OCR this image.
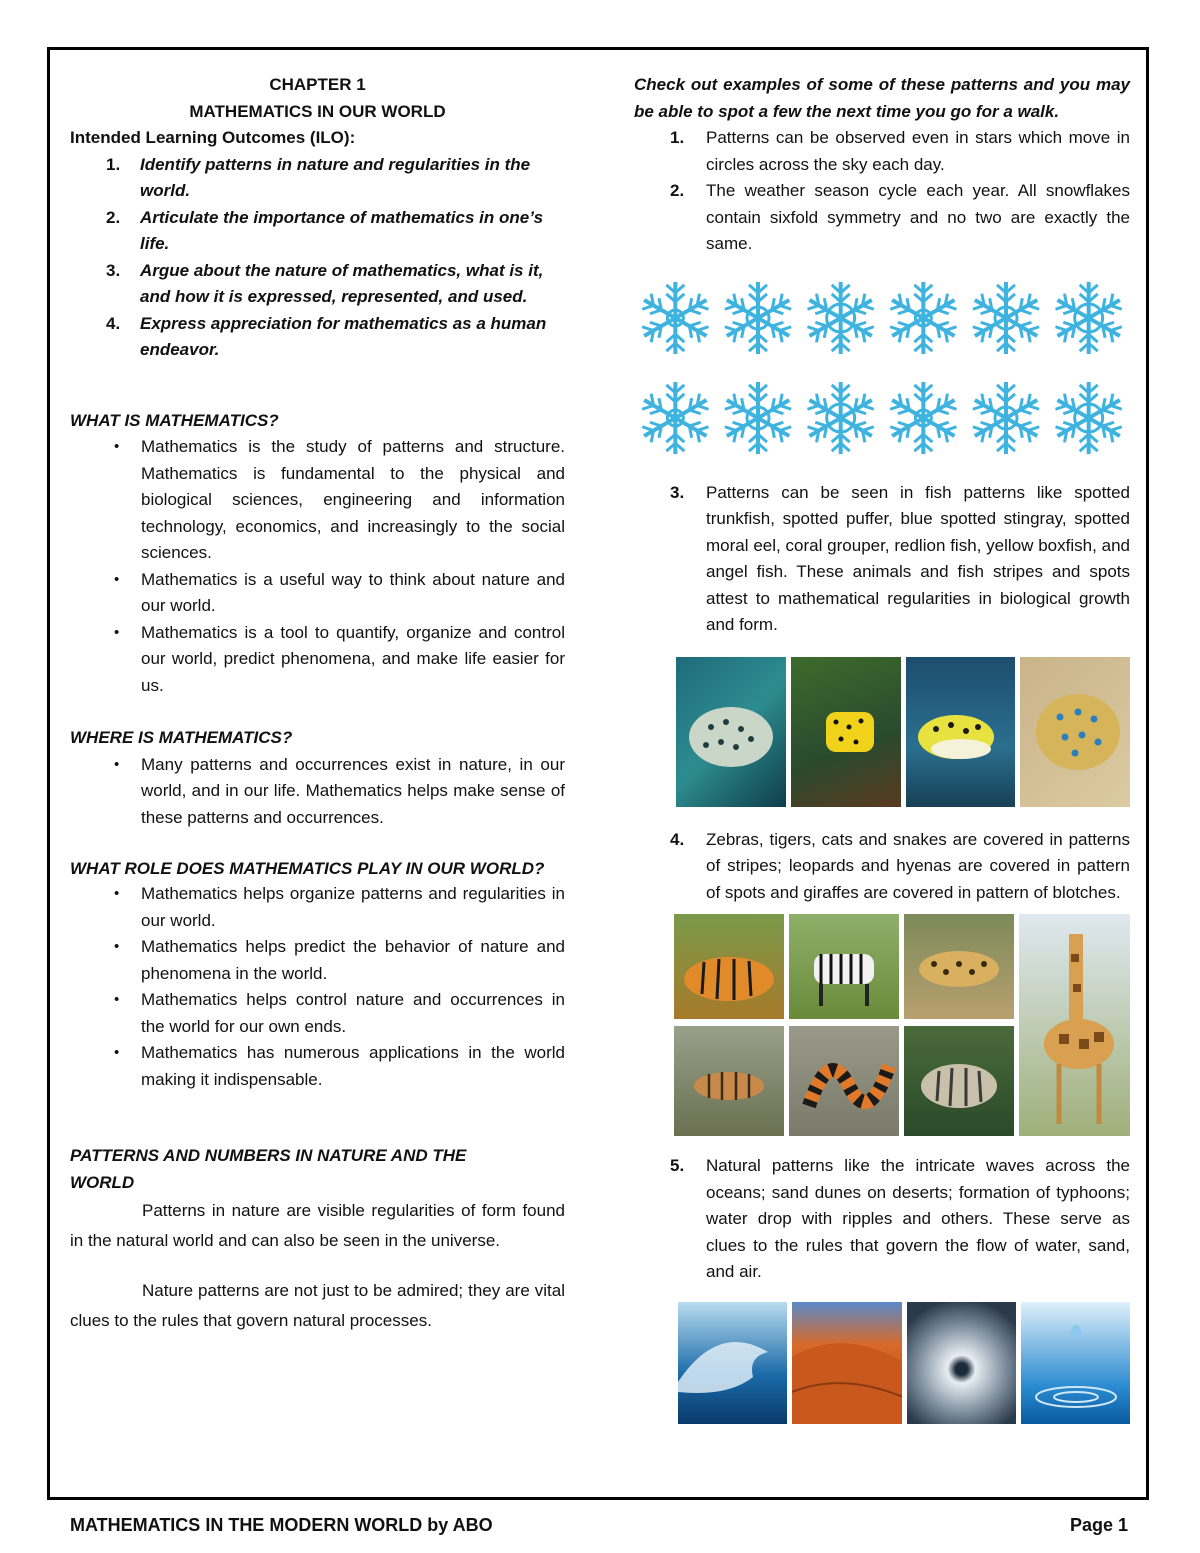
CHAPTER 1
MATHEMATICS IN OUR WORLD
Intended Learning Outcomes (ILO):
1. Identify patterns in nature and regularities in the world.
2. Articulate the importance of mathematics in one’s life.
3. Argue about the nature of mathematics, what is it, and how it is expressed, represented, and used.
4. Express appreciation for mathematics as a human endeavor.
WHAT IS MATHEMATICS?
• Mathematics is the study of patterns and structure. Mathematics is fundamental to the physical and biological sciences, engineering and information technology, economics, and increasingly to the social sciences.
• Mathematics is a useful way to think about nature and our world.
• Mathematics is a tool to quantify, organize and control our world, predict phenomena, and make life easier for us.
WHERE IS MATHEMATICS?
• Many patterns and occurrences exist in nature, in our world, and in our life. Mathematics helps make sense of these patterns and occurrences.
WHAT ROLE DOES MATHEMATICS PLAY IN OUR WORLD?
• Mathematics helps organize patterns and regularities in our world.
• Mathematics helps predict the behavior of nature and phenomena in the world.
• Mathematics helps control nature and occurrences in the world for our own ends.
• Mathematics has numerous applications in the world making it indispensable.
PATTERNS AND NUMBERS IN NATURE AND THE WORLD
Patterns in nature are visible regularities of form found in the natural world and can also be seen in the universe.
Nature patterns are not just to be admired; they are vital clues to the rules that govern natural processes.
Check out examples of some of these patterns and you may be able to spot a few the next time you go for a walk.
1. Patterns can be observed even in stars which move in circles across the sky each day.
2. The weather season cycle each year. All snowflakes contain sixfold symmetry and no two are exactly the same.
3. Patterns can be seen in fish patterns like spotted trunkfish, spotted puffer, blue spotted stingray, spotted moral eel, coral grouper, redlion fish, yellow boxfish, and angel fish. These animals and fish stripes and spots attest to mathematical regularities in biological growth and form.
4. Zebras, tigers, cats and snakes are covered in patterns of stripes; leopards and hyenas are covered in pattern of spots and giraffes are covered in pattern of blotches.
5. Natural patterns like the intricate waves across the oceans; sand dunes on deserts; formation of typhoons; water drop with ripples and others. These serve as clues to the rules that govern the flow of water, sand, and air.
MATHEMATICS IN THE MODERN WORLD by ABO	Page 1
